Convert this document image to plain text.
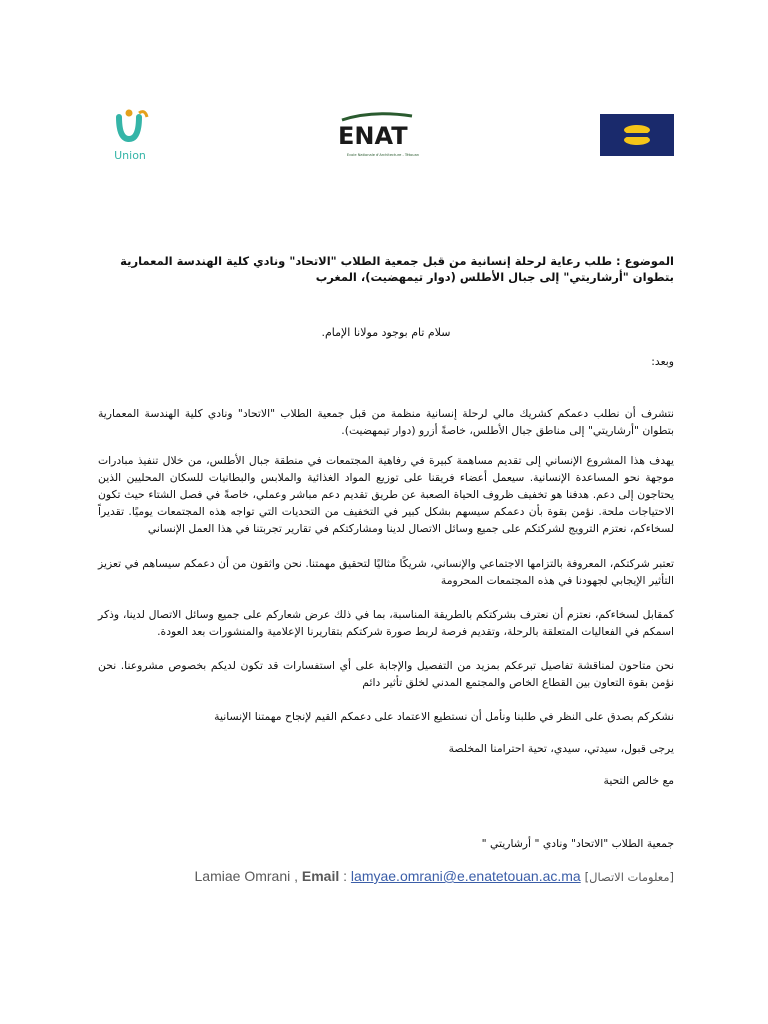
Union
ENAT
Ecole Nationale d'Architecture - Tétouan
الموضوع : طلب رعاية لرحلة إنسانية من قبل جمعية الطلاب "الاتحاد" ونادي كلية الهندسة المعمارية بتطوان "أرشاريتي" إلى جبال الأطلس (دوار تيمهضيت)، المغرب
سلام تام بوجود مولانا الإمام.
وبعد:
نتشرف أن نطلب دعمكم كشريك مالي لرحلة إنسانية منظمة من قبل جمعية الطلاب "الاتحاد" ونادي كلية الهندسة المعمارية بتطوان "أرشاريتي" إلى مناطق جبال الأطلس، خاصةً أزرو (دوار تيمهضيت).
يهدف هذا المشروع الإنساني إلى تقديم مساهمة كبيرة في رفاهية المجتمعات في منطقة جبال الأطلس، من خلال تنفيذ مبادرات موجهة نحو المساعدة الإنسانية. سيعمل أعضاء فريقنا على توزيع المواد الغذائية والملابس والبطانيات للسكان المحليين الذين يحتاجون إلى دعم. هدفنا هو تخفيف ظروف الحياة الصعبة عن طريق تقديم دعم مباشر وعملي، خاصةً في فصل الشتاء حيث تكون الاحتياجات ملحة. نؤمن بقوة بأن دعمكم سيسهم بشكل كبير في التخفيف من التحديات التي تواجه هذه المجتمعات يوميًا. تقديراً لسخاءكم، نعتزم الترويج لشركتكم على جميع وسائل الاتصال لدينا ومشاركتكم في تقارير تجربتنا في هذا العمل الإنساني
تعتبر شركتكم، المعروفة بالتزامها الاجتماعي والإنساني، شريكًا مثاليًا لتحقيق مهمتنا. نحن واثقون من أن دعمكم سيساهم في تعزيز التأثير الإيجابي لجهودنا في هذه المجتمعات المحرومة
كمقابل لسخاءكم، نعتزم أن نعترف بشركتكم بالطريقة المناسبة، بما في ذلك عرض شعاركم على جميع وسائل الاتصال لدينا، وذكر اسمكم في الفعاليات المتعلقة بالرحلة، وتقديم فرصة لربط صورة شركتكم بتقاريرنا الإعلامية والمنشورات بعد العودة.
نحن متاحون لمناقشة تفاصيل تبرعكم بمزيد من التفصيل والإجابة على أي استفسارات قد تكون لديكم بخصوص مشروعنا. نحن نؤمن بقوة التعاون بين القطاع الخاص والمجتمع المدني لخلق تأثير دائم
نشكركم بصدق على النظر في طلبنا ونأمل أن نستطيع الاعتماد على دعمكم القيم لإنجاح مهمتنا الإنسانية
يرجى قبول، سيدتي، سيدي، تحية احترامنا المخلصة
مع خالص التحية
جمعية الطلاب "الاتحاد" ونادي " أرشاريتي "
Lamiae Omrani , Email : lamyae.omrani@e.enatetouan.ac.ma [معلومات الاتصال]
